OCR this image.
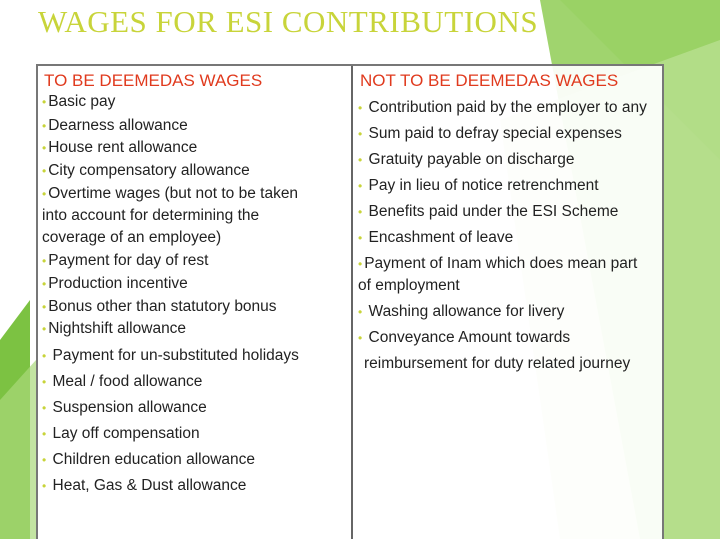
WAGES FOR ESI CONTRIBUTIONS
TO BE DEEMEDAS WAGES
• Basic pay
• Dearness allowance
• House rent allowance
• City compensatory allowance
• Overtime wages (but not to be taken
into account for determining the
coverage of an employee)
• Payment for day of rest
• Production incentive
• Bonus other than statutory bonus
• Nightshift allowance
• Payment for un-substituted holidays
• Meal / food allowance
• Suspension allowance
• Lay off compensation
• Children education allowance
• Heat, Gas & Dust allowance
NOT TO BE DEEMEDAS WAGES
• Contribution paid by the employer to any
• Sum paid to defray special expenses
• Gratuity payable on discharge
• Pay in lieu of notice retrenchment
• Benefits paid under the ESI Scheme
• Encashment of leave
• Payment of Inam which does mean part
of employment
• Washing allowance for livery
• Conveyance Amount towards
reimbursement for duty related journey
